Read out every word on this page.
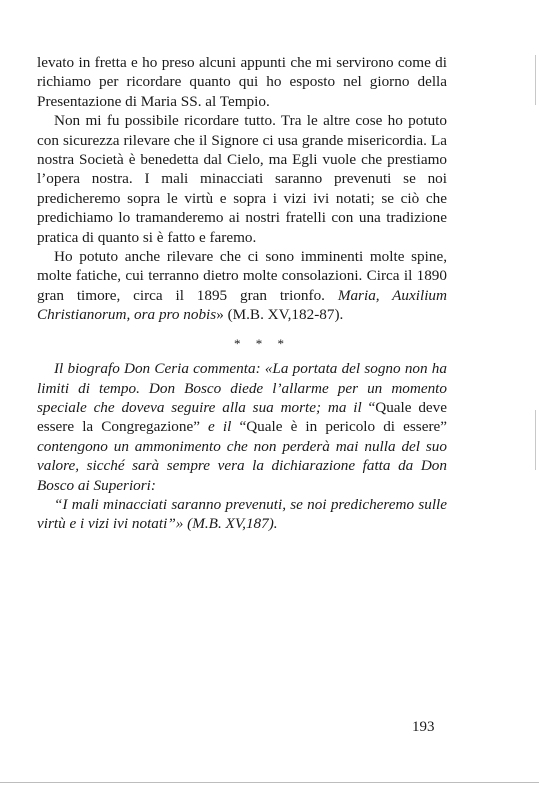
levato in fretta e ho preso alcuni appunti che mi servirono come di richiamo per ricordare quanto qui ho esposto nel giorno della Presentazione di Maria SS. al Tempio.

Non mi fu possibile ricordare tutto. Tra le altre cose ho potuto con sicurezza rilevare che il Signore ci usa grande misericordia. La nostra Società è benedetta dal Cielo, ma Egli vuole che prestiamo l’opera nostra. I mali minacciati saranno prevenuti se noi predicheremo sopra le virtù e sopra i vizi ivi notati; se ciò che predichiamo lo tramanderemo ai nostri fratelli con una tradizione pratica di quanto si è fatto e faremo.

Ho potuto anche rilevare che ci sono imminenti molte spine, molte fatiche, cui terranno dietro molte consolazioni. Circa il 1890 gran timore, circa il 1895 gran trionfo. Maria, Auxilium Christianorum, ora pro nobis» (M.B. XV,182-87).

* * *

Il biografo Don Ceria commenta: «La portata del sogno non ha limiti di tempo. Don Bosco diede l’allarme per un momento speciale che doveva seguire alla sua morte; ma il “Quale deve essere la Congregazione” e il “Quale è in pericolo di essere” contengono un ammonimento che non perderà mai nulla del suo valore, sicché sarà sempre vera la dichiarazione fatta da Don Bosco ai Superiori:

“I mali minacciati saranno prevenuti, se noi predicheremo sulle virtù e i vizi ivi notati”» (M.B. XV,187).

193
